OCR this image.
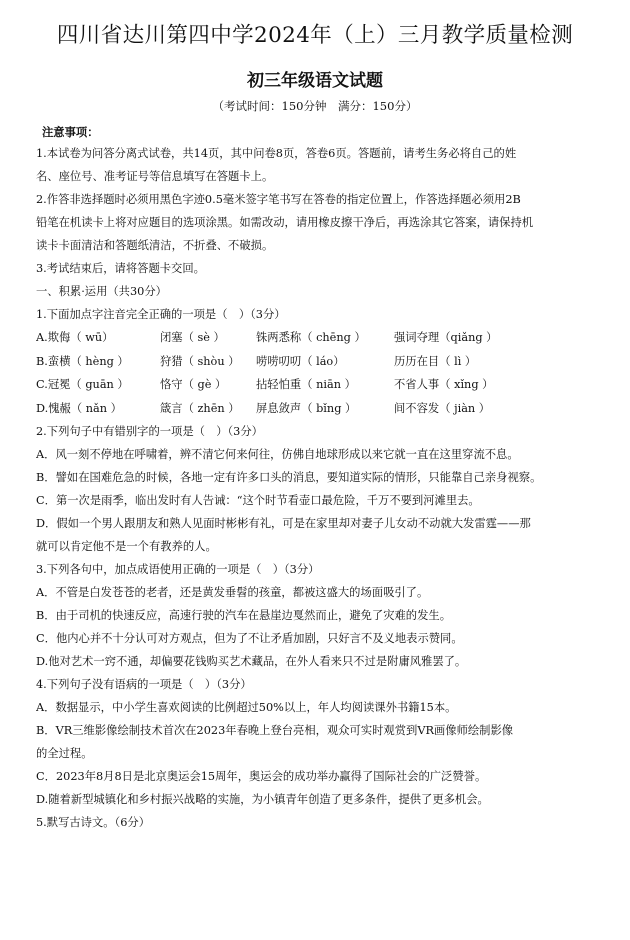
四川省达川第四中学2024年（上）三月教学质量检测
初三年级语文试题
（考试时间：150分钟　满分：150分）
注意事项：
1.本试卷为问答分离式试卷，共14页，其中问卷8页，答卷6页。答题前，请考生务必将自己的姓
名、座位号、准考证号等信息填写在答题卡上。
2.作答非选择题时必须用黑色字迹0.5毫米签字笔书写在答卷的指定位置上，作答选择题必须用2B
铅笔在机读卡上将对应题目的选项涂黑。如需改动，请用橡皮擦干净后，再选涂其它答案，请保持机
读卡卡面清洁和答题纸清洁，不折叠、不破损。
3.考试结束后，请将答题卡交回。
一、积累·运用（共30分）
1.下面加点字注音完全正确的一项是（　）（3分）
A.欺侮（ wū）	闭塞（ sè ）	铢两悉称（ chēng ）	强词夺理（qiǎng ）
B.蛮横（ hèng ）	狩猎（ shòu ）	唠唠叨叨（ láo）	历历在目（ lì ）
C.冠冕（ guān ）	恪守（ gè ）	拈轻怕重（ niān ）	不省人事（ xǐng ）
D.愧赧（ nǎn ）	箴言（ zhēn ）	屏息敛声（ bǐng ）	间不容发（ jiàn ）
2.下列句子中有错别字的一项是（　）（3分）
A．风一刻不停地在呼啸着，辨不清它何来何往，仿佛自地球形成以来它就一直在这里穿流不息。
B．譬如在国难危急的时候，各地一定有许多口头的消息，要知道实际的情形，只能靠自己亲身视察。
C．第一次是雨季，临出发时有人告诫：“这个时节看壶口最危险，千万不要到河滩里去。
D．假如一个男人跟朋友和熟人见面时彬彬有礼，可是在家里却对妻子儿女动不动就大发雷霆——那
就可以肯定他不是一个有教养的人。
3.下列各句中，加点成语使用正确的一项是（　）（3分）
A．不管是白发苍苍的老者，还是黄发垂髫的孩童，都被这盛大的场面吸引了。
B．由于司机的快速反应，高速行驶的汽车在悬崖边戛然而止，避免了灾难的发生。
C．他内心并不十分认可对方观点，但为了不让矛盾加剧，只好言不及义地表示赞同。
D.他对艺术一窍不通，却偏要花钱购买艺术藏品，在外人看来只不过是附庸风雅罢了。
4.下列句子没有语病的一项是（　）（3分）
A．数据显示，中小学生喜欢阅读的比例超过50%以上，年人均阅读课外书籍15本。
B．VR三维影像绘制技术首次在2023年春晚上登台亮相，观众可实时观赏到VR画像师绘制影像
的全过程。
C．2023年8月8日是北京奥运会15周年，奥运会的成功举办赢得了国际社会的广泛赞誉。
D.随着新型城镇化和乡村振兴战略的实施，为小镇青年创造了更多条件，提供了更多机会。
5.默写古诗文。（6分）
